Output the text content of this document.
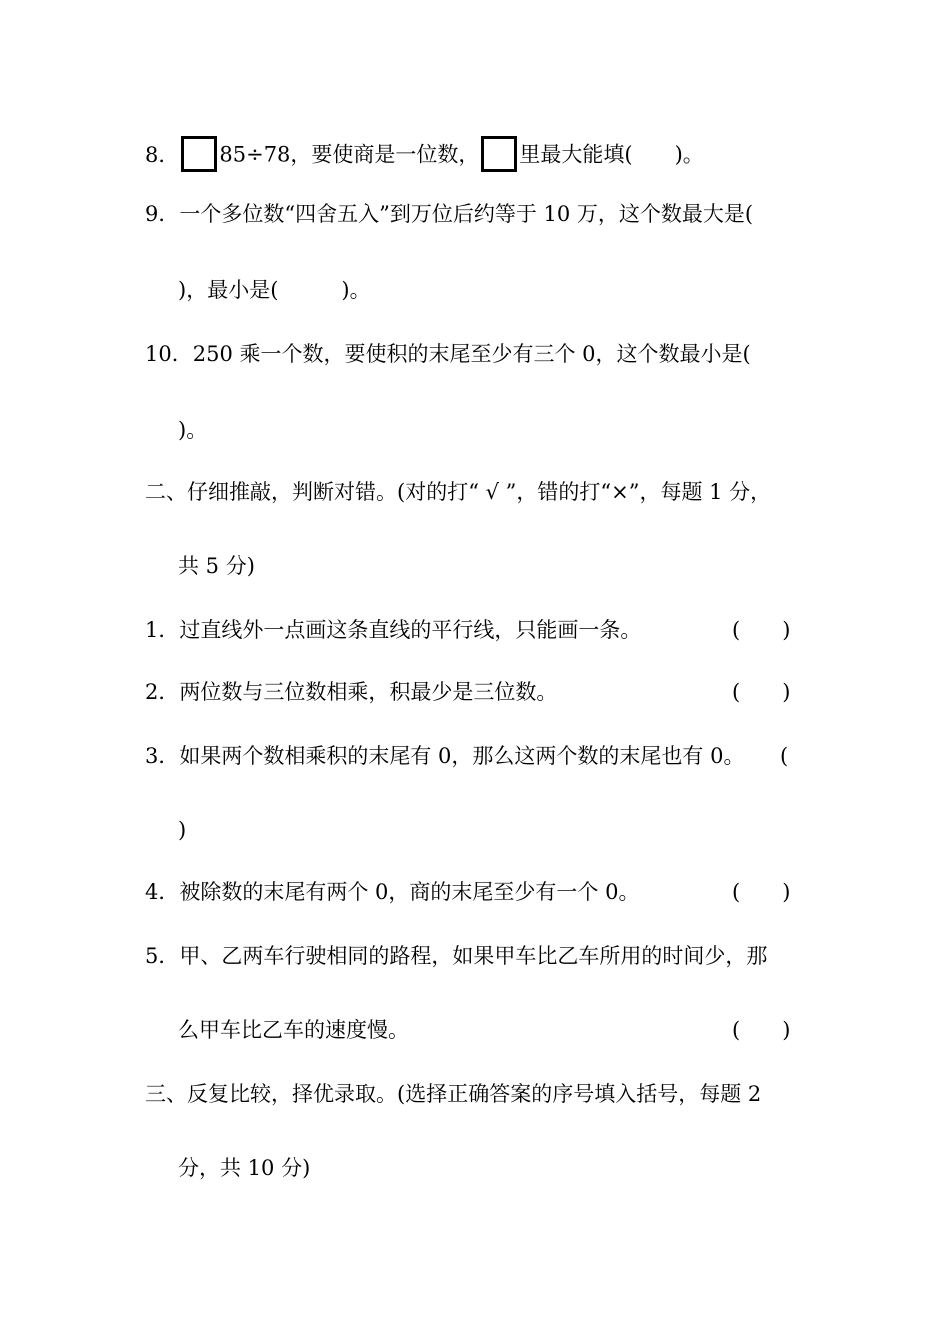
8． 85÷78，要使商是一位数， 里最大能填(　　)。
9．一个多位数“四舍五入”到万位后约等于 10 万，这个数最大是(
)，最小是(　　　)。
10．250 乘一个数，要使积的末尾至少有三个 0，这个数最小是(
)。
二、仔细推敲，判断对错。(对的打“ √ ”，错的打“×”，每题 1 分，
共 5 分)
1．过直线外一点画这条直线的平行线，只能画一条。	(　　)
2．两位数与三位数相乘，积最少是三位数。	(　　)
3．如果两个数相乘积的末尾有 0，那么这两个数的末尾也有 0。 (
)
4．被除数的末尾有两个 0，商的末尾至少有一个 0。	(　　)
5．甲、乙两车行驶相同的路程，如果甲车比乙车所用的时间少，那
么甲车比乙车的速度慢。	(　　)
三、反复比较，择优录取。(选择正确答案的序号填入括号，每题 2
分，共 10 分)
